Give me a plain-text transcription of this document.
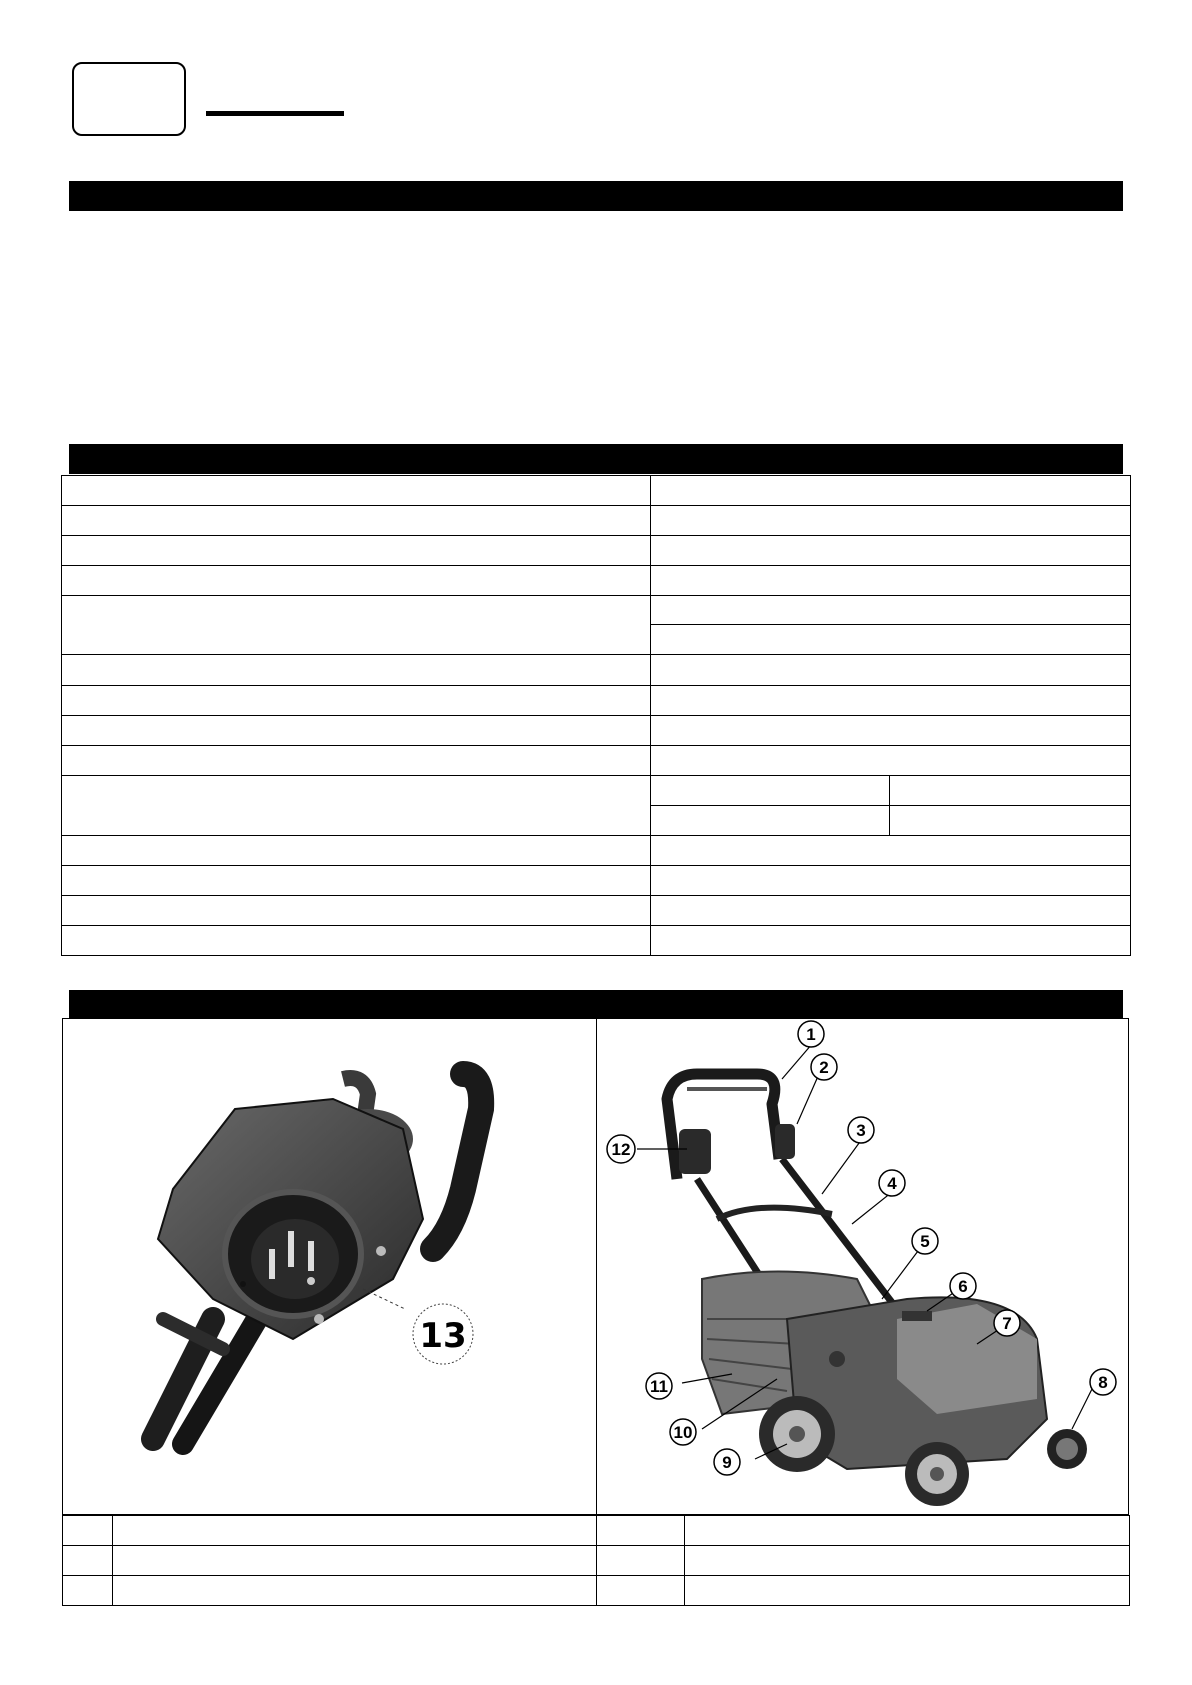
13
1
2
3
4
5
6
7
8
9
10
11
12
